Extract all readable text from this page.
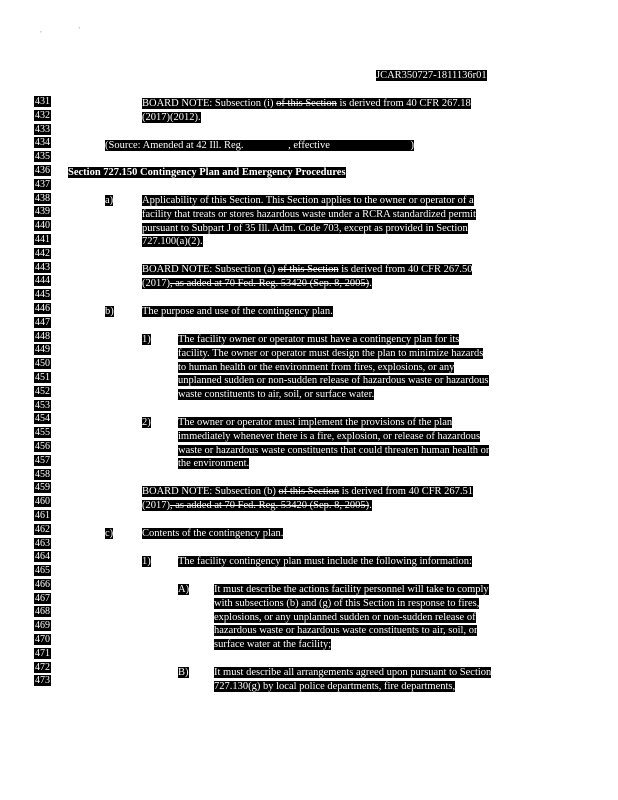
,	’
JCAR350727-1811136r01
431
432
433
434
435
436
437
438
439
440
441
442
443
444
445
446
447
448
449
450
451
452
453
454
455
456
457
458
459
460
461
462
463
464
465
466
467
468
469
470
471
472
473
BOARD NOTE: Subsection (i) of this Section is derived from 40 CFR 267.18
(2017)(2012).
(Source: Amended at 42 Ill. Reg.	, effective	)
Section 727.150 Contingency Plan and Emergency Procedures
a)	Applicability of this Section. This Section applies to the owner or operator of a
facility that treats or stores hazardous waste under a RCRA standardized permit
pursuant to Subpart J of 35 Ill. Adm. Code 703, except as provided in Section
727.100(a)(2).
BOARD NOTE: Subsection (a) of this Section is derived from 40 CFR 267.50
(2017), as added at 70 Fed. Reg. 53420 (Sep. 8, 2005).
b)	The purpose and use of the contingency plan.
1)	The facility owner or operator must have a contingency plan for its
facility. The owner or operator must design the plan to minimize hazards
to human health or the environment from fires, explosions, or any
unplanned sudden or non-sudden release of hazardous waste or hazardous
waste constituents to air, soil, or surface water.
2)	The owner or operator must implement the provisions of the plan
immediately whenever there is a fire, explosion, or release of hazardous
waste or hazardous waste constituents that could threaten human health or
the environment.
BOARD NOTE: Subsection (b) of this Section is derived from 40 CFR 267.51
(2017), as added at 70 Fed. Reg. 53420 (Sep. 8, 2005).
c)	Contents of the contingency plan.
1)	The facility contingency plan must include the following information:
A) It must describe the actions facility personnel will take to comply
with subsections (b) and (g) of this Section in response to fires,
explosions, or any unplanned sudden or non-sudden release of
hazardous waste or hazardous waste constituents to air, soil, or
surface water at the facility;
B) It must describe all arrangements agreed upon pursuant to Section
727.130(g) by local police departments, fire departments,
